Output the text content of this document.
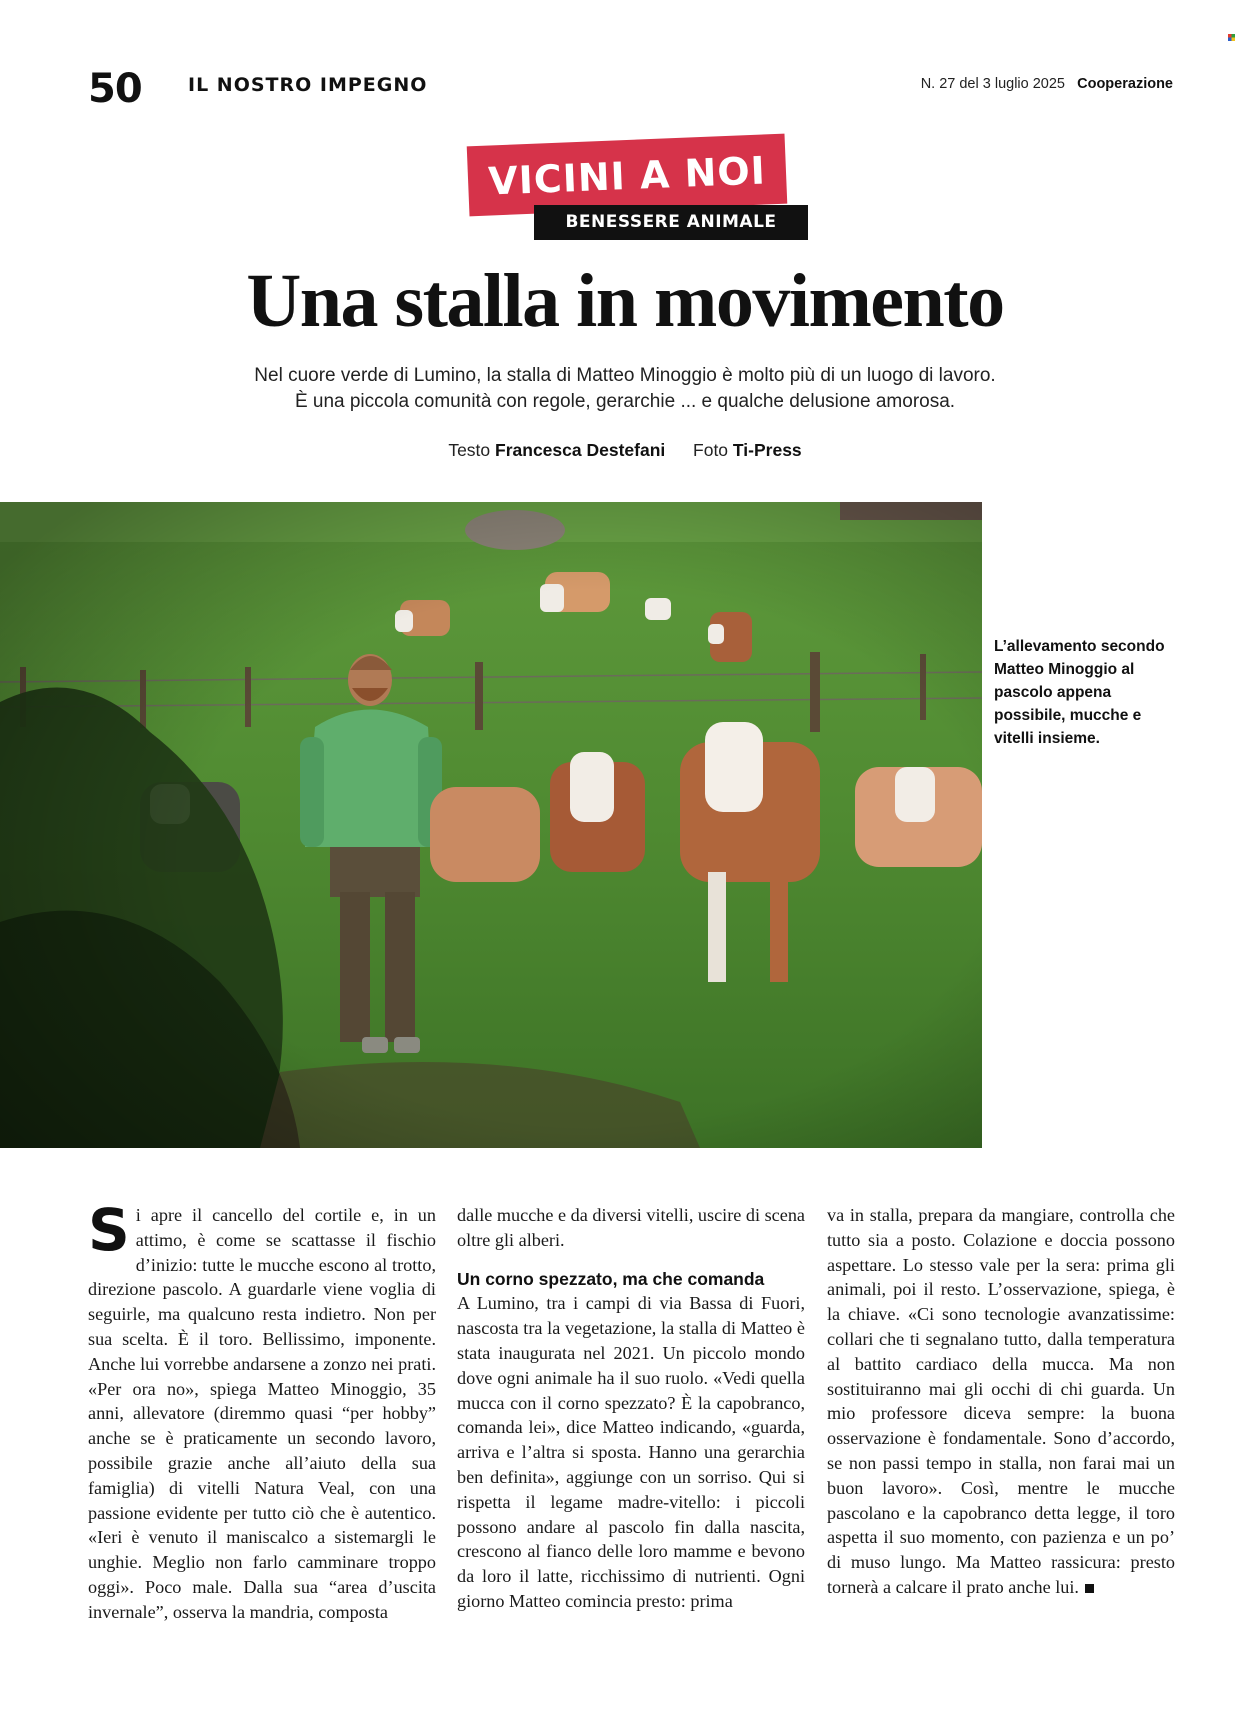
50 IL NOSTRO IMPEGNO	N. 27 del 3 luglio 2025 Cooperazione
VICINI A NOI
BENESSERE ANIMALE
Una stalla in movimento
Nel cuore verde di Lumino, la stalla di Matteo Minoggio è molto più di un luogo di lavoro.
È una piccola comunità con regole, gerarchie ... e qualche delusione amorosa.
Testo Francesca Destefani Foto Ti-Press
L’allevamento secondo Matteo Minoggio al pascolo appena possibile, mucche e vitelli insieme.

Si apre il cancello del cortile e, in un attimo, è come se scattasse il fischio d’inizio: tutte le mucche escono al trotto, direzione pascolo. A guardarle viene voglia di seguirle, ma qualcuno resta indietro. Non per sua scelta. È il toro. Bellissimo, imponente. Anche lui vorrebbe andarsene a zonzo nei prati. «Per ora no», spiega Matteo Minoggio, 35 anni, allevatore (diremmo quasi “per hobby” anche se è praticamente un secondo lavoro, possibile grazie anche all’aiuto della sua famiglia) di vitelli Natura Veal, con una passione evidente per tutto ciò che è autentico. «Ieri è venuto il maniscalco a sistemargli le unghie. Meglio non farlo camminare troppo oggi». Poco male. Dalla sua “area d’uscita invernale”, osserva la mandria, composta

dalle mucche e da diversi vitelli, uscire di scena oltre gli alberi.

Un corno spezzato, ma che comanda

A Lumino, tra i campi di via Bassa di Fuori, nascosta tra la vegetazione, la stalla di Matteo è stata inaugurata nel 2021. Un piccolo mondo dove ogni animale ha il suo ruolo. «Vedi quella mucca con il corno spezzato? È la capobranco, comanda lei», dice Matteo indicando, «guarda, arriva e l’altra si sposta. Hanno una gerarchia ben definita», aggiunge con un sorriso. Qui si rispetta il legame madre-vitello: i piccoli possono andare al pascolo fin dalla nascita, crescono al fianco delle loro mamme e bevono da loro il latte, ricchissimo di nutrienti. Ogni giorno Matteo comincia presto: prima

va in stalla, prepara da mangiare, controlla che tutto sia a posto. Colazione e doccia possono aspettare. Lo stesso vale per la sera: prima gli animali, poi il resto. L’osservazione, spiega, è la chiave. «Ci sono tecnologie avanzatissime: collari che ti segnalano tutto, dalla temperatura al battito cardiaco della mucca. Ma non sostituiranno mai gli occhi di chi guarda. Un mio professore diceva sempre: la buona osservazione è fondamentale. Sono d’accordo, se non passi tempo in stalla, non farai mai un buon lavoro». Così, mentre le mucche pascolano e la capobranco detta legge, il toro aspetta il suo momento, con pazienza e un po’ di muso lungo. Ma Matteo rassicura: presto tornerà a calcare il prato anche lui.
